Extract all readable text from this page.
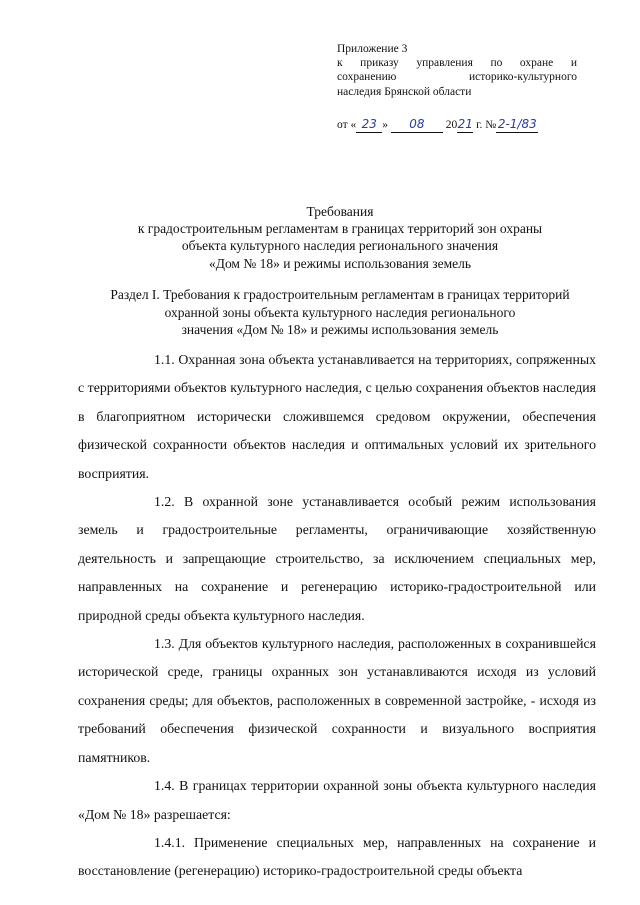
Приложение 3
к приказу управления по охране и
сохранению историко-культурного
наследия Брянской области
от « 23 » 08 2021 г. № 2-1/83
Требования
к градостроительным регламентам в границах территорий зон охраны
объекта культурного наследия регионального значения
«Дом № 18» и режимы использования земель
Раздел I. Требования к градостроительным регламентам в границах территорий
охранной зоны объекта культурного наследия регионального
значения «Дом № 18» и режимы использования земель

1.1. Охранная зона объекта устанавливается на территориях, сопряженных с территориями объектов культурного наследия, с целью сохранения объектов наследия в благоприятном исторически сложившемся средовом окружении, обеспечения физической сохранности объектов наследия и оптимальных условий их зрительного восприятия.

1.2. В охранной зоне устанавливается особый режим использования земель и градостроительные регламенты, ограничивающие хозяйственную деятельность и запрещающие строительство, за исключением специальных мер, направленных на сохранение и регенерацию историко-градостроительной или природной среды объекта культурного наследия.

1.3. Для объектов культурного наследия, расположенных в сохранившейся исторической среде, границы охранных зон устанавливаются исходя из условий сохранения среды; для объектов, расположенных в современной застройке, - исходя из требований обеспечения физической сохранности и визуального восприятия памятников.

1.4. В границах территории охранной зоны объекта культурного наследия «Дом № 18» разрешается:

1.4.1. Применение специальных мер, направленных на сохранение и восстановление (регенерацию) историко-градостроительной среды объекта
